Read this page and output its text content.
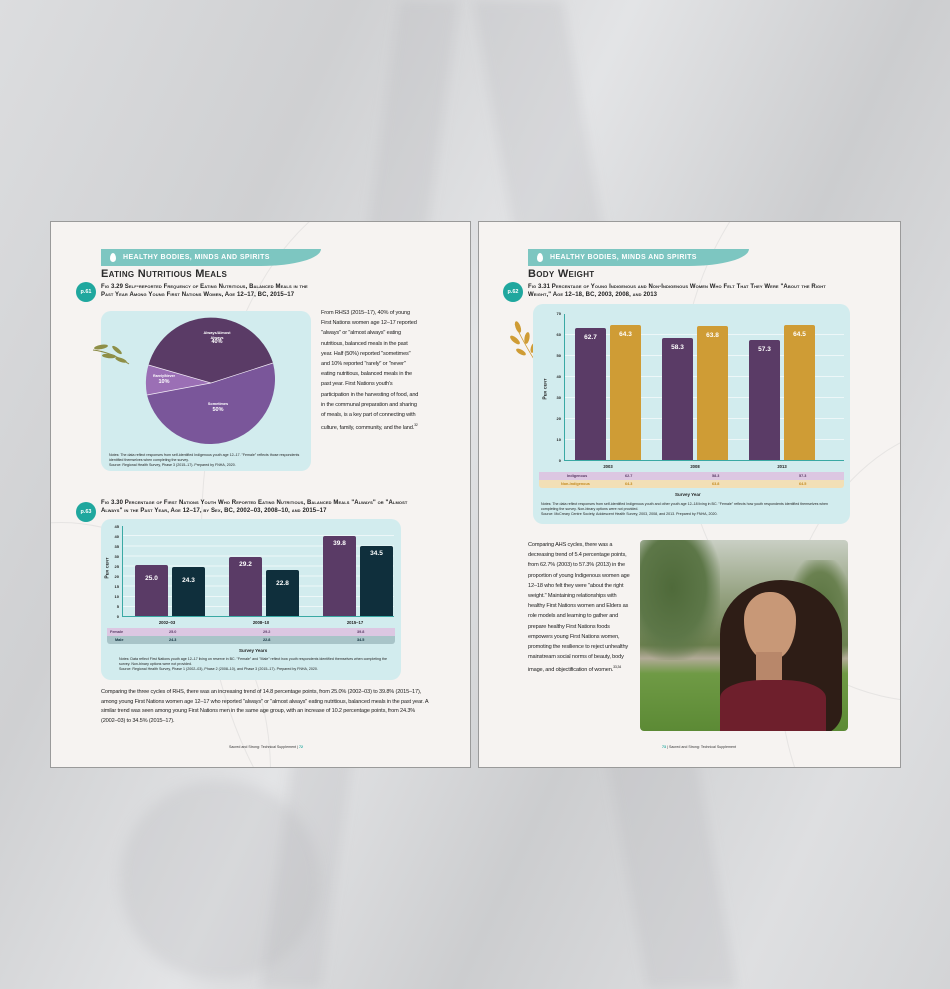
HEALTHY BODIES, MINDS AND SPIRITS
Eating Nutritious Meals
p.61
Fig 3.29 Self-reported Frequency of Eating Nutritious, Balanced Meals in the Past Year Among Young First Nations Women, Age 12–17, BC, 2015–17
Always/Almost Always
40%
Rarely/Never
10%
Sometimes
50%
Notes: The data reflect responses from self-identified Indigenous youth age 12–17. "Female" reflects those respondents identified themselves when completing the survey.
Source: Regional Health Survey, Phase 3 (2015–17). Prepared by FNHA, 2020.
From RHS3 (2015–17), 40% of young First Nations women age 12–17 reported "always" or "almost always" eating nutritious, balanced meals in the past year. Half (50%) reported "sometimes" and 10% reported "rarely" or "never" eating nutritious, balanced meals in the past year. First Nations youth's participation in the harvesting of food, and in the communal preparation and sharing of meals, is a key part of connecting with culture, family, community, and the land.$^{32}$
p.63
Fig 3.30 Percentage of First Nations Youth Who Reported Eating Nutritious, Balanced Meals "Always" or "Almost Always" in the Past Year, Age 12–17, by Sex, BC, 2002–03, 2008–10, and 2015–17
Per cent
45
40
35
30
25
20
15
10
5
0
25.0	24.3
29.2
22.8
39.8
34.5
2002–03	2008–10	2015–17
Female	25.0	29.2	39.8
Male	24.3	22.8	34.5
Survey Years
Notes: Data reflect First Nations youth age 12–17 living on reserve in BC. "Female" and "Male" reflect how youth respondents identified themselves when completing the survey. Non-binary options were not provided.
Source: Regional Health Survey, Phase 1 (2002–03), Phase 2 (2008–10), and Phase 3 (2015–17). Prepared by FNHA, 2020.
Comparing the three cycles of RHS, there was an increasing trend of 14.8 percentage points, from 25.0% (2002–03) to 39.8% (2015–17), among young First Nations women age 12–17 who reported "always" or "almost always" eating nutritious, balanced meals in the past year. A similar trend was seen among young First Nations men in the same age group, with an increase of 10.2 percentage points, from 24.3% (2002–03) to 34.5% (2015–17).
Sacred and Strong: Technical Supplement | 72
HEALTHY BODIES, MINDS AND SPIRITS
Body Weight
p.62
Fig 3.31 Percentage of Young Indigenous and Non-Indigenous Women Who Felt That They Were "About the Right Weight," Age 12–18, BC, 2003, 2008, and 2013
Per cent
70
60
50
40
30
20
10
0
62.7	64.3
58.3
63.8
57.3
64.5
2003	2008	2013
Indigenous	62.7	58.3	57.3
Non-Indigenous	64.3	63.8	64.5
Survey Year
Notes: The data reflect responses from self-identified Indigenous youth and other youth age 12–18 living in BC. "Female" reflects how youth respondents identified themselves when completing the survey. Non-binary options were not provided.
Source: McCreary Centre Society, Adolescent Health Survey, 2003, 2008, and 2013. Prepared by FNHA, 2020.
Comparing AHS cycles, there was a decreasing trend of 5.4 percentage points, from 62.7% (2003) to 57.3% (2013) in the proportion of young Indigenous women age 12–18 who felt they were "about the right weight." Maintaining relationships with healthy First Nations women and Elders as role models and learning to gather and prepare healthy First Nations foods empowers young First Nations women, promoting the resilience to reject unhealthy mainstream social norms of beauty, body image, and objectification of women.$^{33,34}$
73 | Sacred and Strong: Technical Supplement
